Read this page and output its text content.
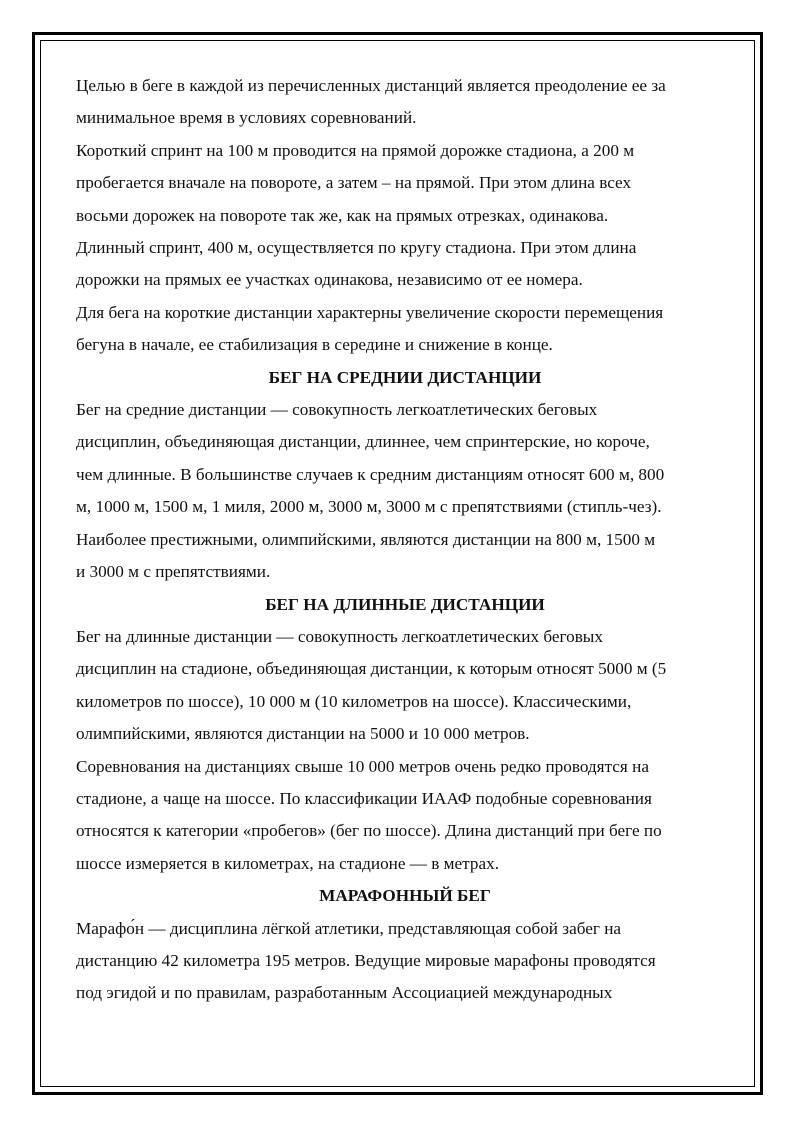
Целью в беге в каждой из перечисленных дистанций является преодоление ее за
минимальное время в условиях соревнований.

Короткий спринт на 100 м проводится на прямой дорожке стадиона, а 200 м
пробегается вначале на повороте, а затем – на прямой. При этом длина всех
восьми дорожек на повороте так же, как на прямых отрезках, одинакова.

Длинный спринт, 400 м, осуществляется по кругу стадиона. При этом длина
дорожки на прямых ее участках одинакова, независимо от ее номера.

Для бега на короткие дистанции характерны увеличение скорости перемещения
бегуна в начале, ее стабилизация в середине и снижение в конце.

БЕГ НА СРЕДНИИ ДИСТАНЦИИ

Бег на средние дистанции — совокупность легкоатлетических беговых
дисциплин, объединяющая дистанции, длиннее, чем спринтерские, но короче,
чем длинные. В большинстве случаев к средним дистанциям относят 600 м, 800
м, 1000 м, 1500 м, 1 миля, 2000 м, 3000 м, 3000 м с препятствиями (стипль-чез).
Наиболее престижными, олимпийскими, являются дистанции на 800 м, 1500 м
и 3000 м с препятствиями.

БЕГ НА ДЛИННЫЕ ДИСТАНЦИИ

Бег на длинные дистанции — совокупность легкоатлетических беговых
дисциплин на стадионе, объединяющая дистанции, к которым относят 5000 м (5
километров по шоссе), 10 000 м (10 километров на шоссе). Классическими,
олимпийскими, являются дистанции на 5000 и 10 000 метров.

Соревнования на дистанциях свыше 10 000 метров очень редко проводятся на
стадионе, а чаще на шоссе. По классификации ИААФ подобные соревнования
относятся к категории «пробегов» (бег по шоссе). Длина дистанций при беге по
шоссе измеряется в километрах, на стадионе — в метрах.

МАРАФОННЫЙ БЕГ

Марафо́н — дисциплина лёгкой атлетики, представляющая собой забег на
дистанцию 42 километра 195 метров. Ведущие мировые марафоны проводятся
под эгидой и по правилам, разработанным Ассоциацией международных
